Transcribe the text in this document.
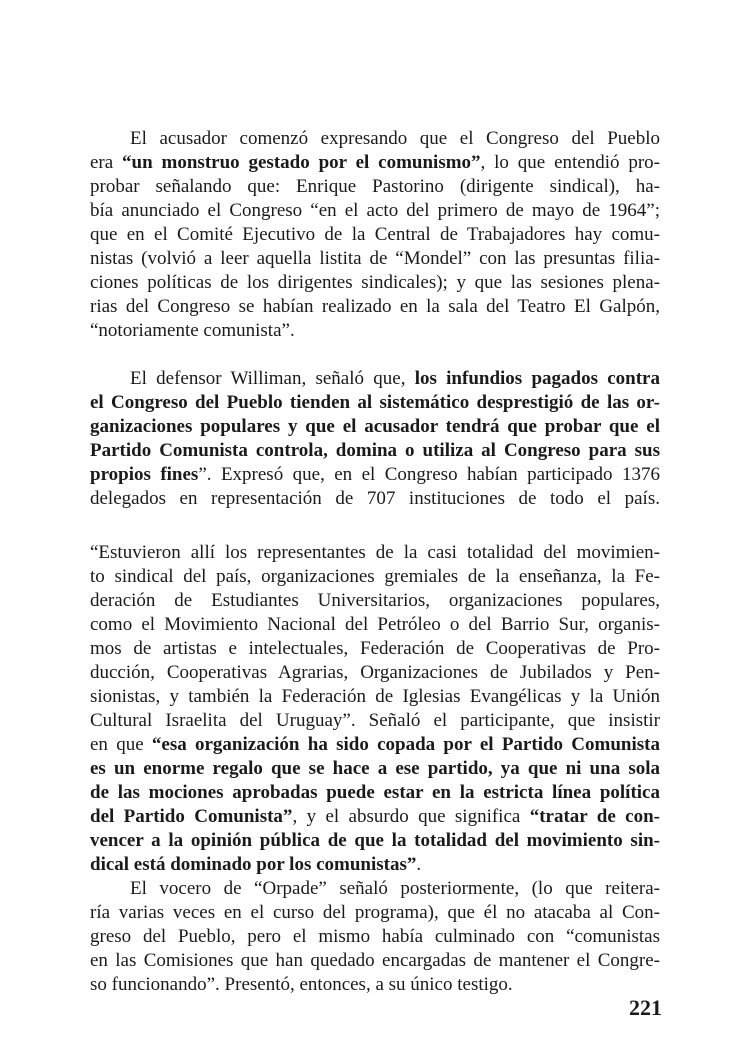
El acusador comenzó expresando que el Congreso del Pueblo
era “un monstruo gestado por el comunismo”, lo que entendió pro-
probar señalando que: Enrique Pastorino (dirigente sindical), ha-
bía anunciado el Congreso “en el acto del primero de mayo de 1964”;
que en el Comité Ejecutivo de la Central de Trabajadores hay comu-
nistas (volvió a leer aquella listita de “Mondel” con las presuntas filia-
ciones políticas de los dirigentes sindicales); y que las sesiones plena-
rias del Congreso se habían realizado en la sala del Teatro El Galpón,
“notoriamente comunista”.
El defensor Williman, señaló que, los infundios pagados contra
el Congreso del Pueblo tienden al sistemático desprestigió de las or-
ganizaciones populares y que el acusador tendrá que probar que el
Partido Comunista controla, domina o utiliza al Congreso para sus
propios fines”. Expresó que, en el Congreso habían participado 1376
delegados en representación de 707 instituciones de todo el país.
“Estuvieron allí los representantes de la casi totalidad del movimien-
to sindical del país, organizaciones gremiales de la enseñanza, la Fe-
deración de Estudiantes Universitarios, organizaciones populares,
como el Movimiento Nacional del Petróleo o del Barrio Sur, organis-
mos de artistas e intelectuales, Federación de Cooperativas de Pro-
ducción, Cooperativas Agrarias, Organizaciones de Jubilados y Pen-
sionistas, y también la Federación de Iglesias Evangélicas y la Unión
Cultural Israelita del Uruguay”. Señaló el participante, que insistir
en que “esa organización ha sido copada por el Partido Comunista
es un enorme regalo que se hace a ese partido, ya que ni una sola
de las mociones aprobadas puede estar en la estricta línea política
del Partido Comunista”, y el absurdo que significa “tratar de con-
vencer a la opinión pública de que la totalidad del movimiento sin-
dical está dominado por los comunistas”.
El vocero de “Orpade” señaló posteriormente, (lo que reitera-
ría varias veces en el curso del programa), que él no atacaba al Con-
greso del Pueblo, pero el mismo había culminado con “comunistas
en las Comisiones que han quedado encargadas de mantener el Congre-
so funcionando”. Presentó, entonces, a su único testigo.
221
